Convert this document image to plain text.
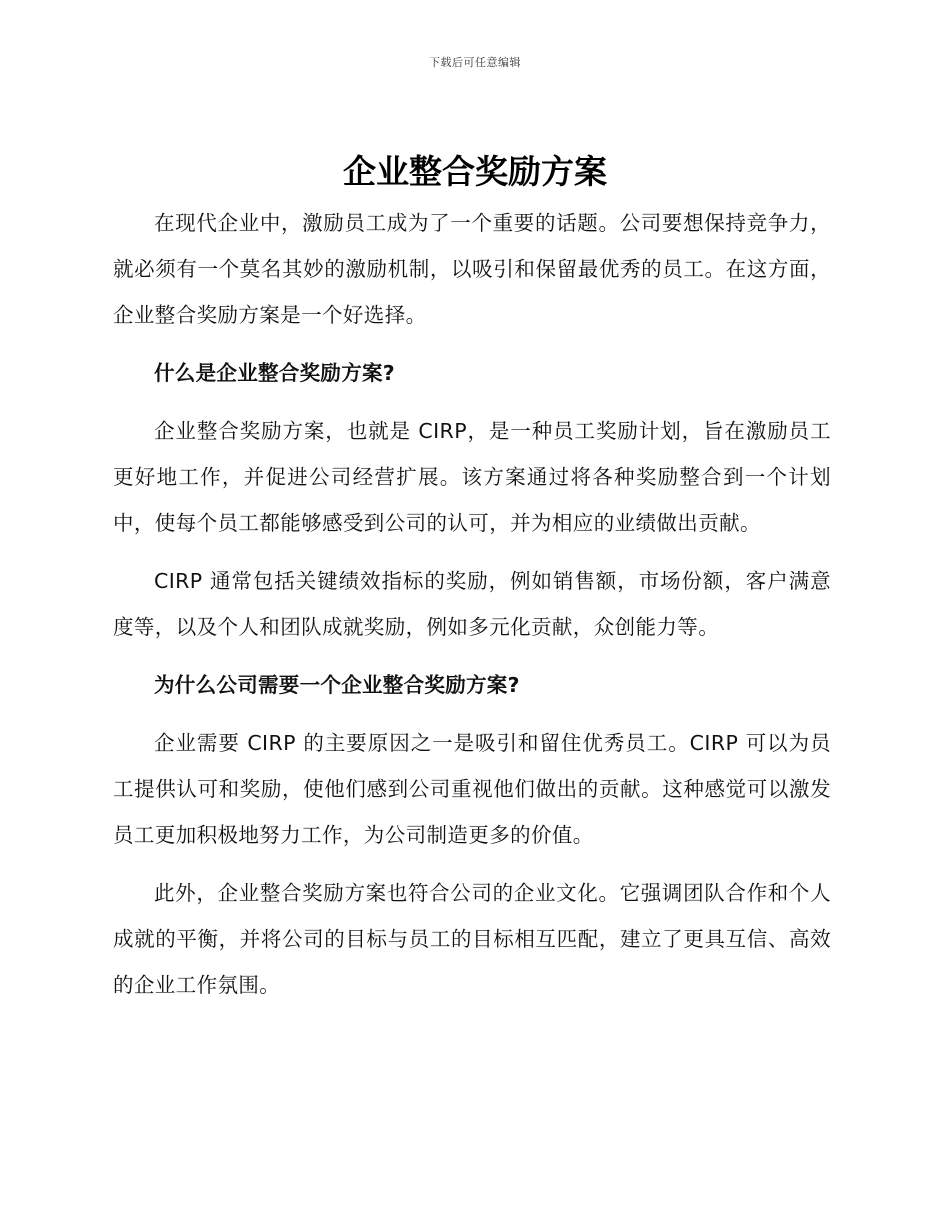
下载后可任意编辑
企业整合奖励方案

在现代企业中，激励员工成为了一个重要的话题。公司要想保持竞争力，就必须有一个莫名其妙的激励机制，以吸引和保留最优秀的员工。在这方面，企业整合奖励方案是一个好选择。

什么是企业整合奖励方案?

企业整合奖励方案，也就是 CIRP，是一种员工奖励计划，旨在激励员工更好地工作，并促进公司经营扩展。该方案通过将各种奖励整合到一个计划中，使每个员工都能够感受到公司的认可，并为相应的业绩做出贡献。

CIRP 通常包括关键绩效指标的奖励，例如销售额，市场份额，客户满意度等，以及个人和团队成就奖励，例如多元化贡献，众创能力等。

为什么公司需要一个企业整合奖励方案?

企业需要 CIRP 的主要原因之一是吸引和留住优秀员工。CIRP 可以为员工提供认可和奖励，使他们感到公司重视他们做出的贡献。这种感觉可以激发员工更加积极地努力工作，为公司制造更多的价值。

此外，企业整合奖励方案也符合公司的企业文化。它强调团队合作和个人成就的平衡，并将公司的目标与员工的目标相互匹配，建立了更具互信、高效的企业工作氛围。
